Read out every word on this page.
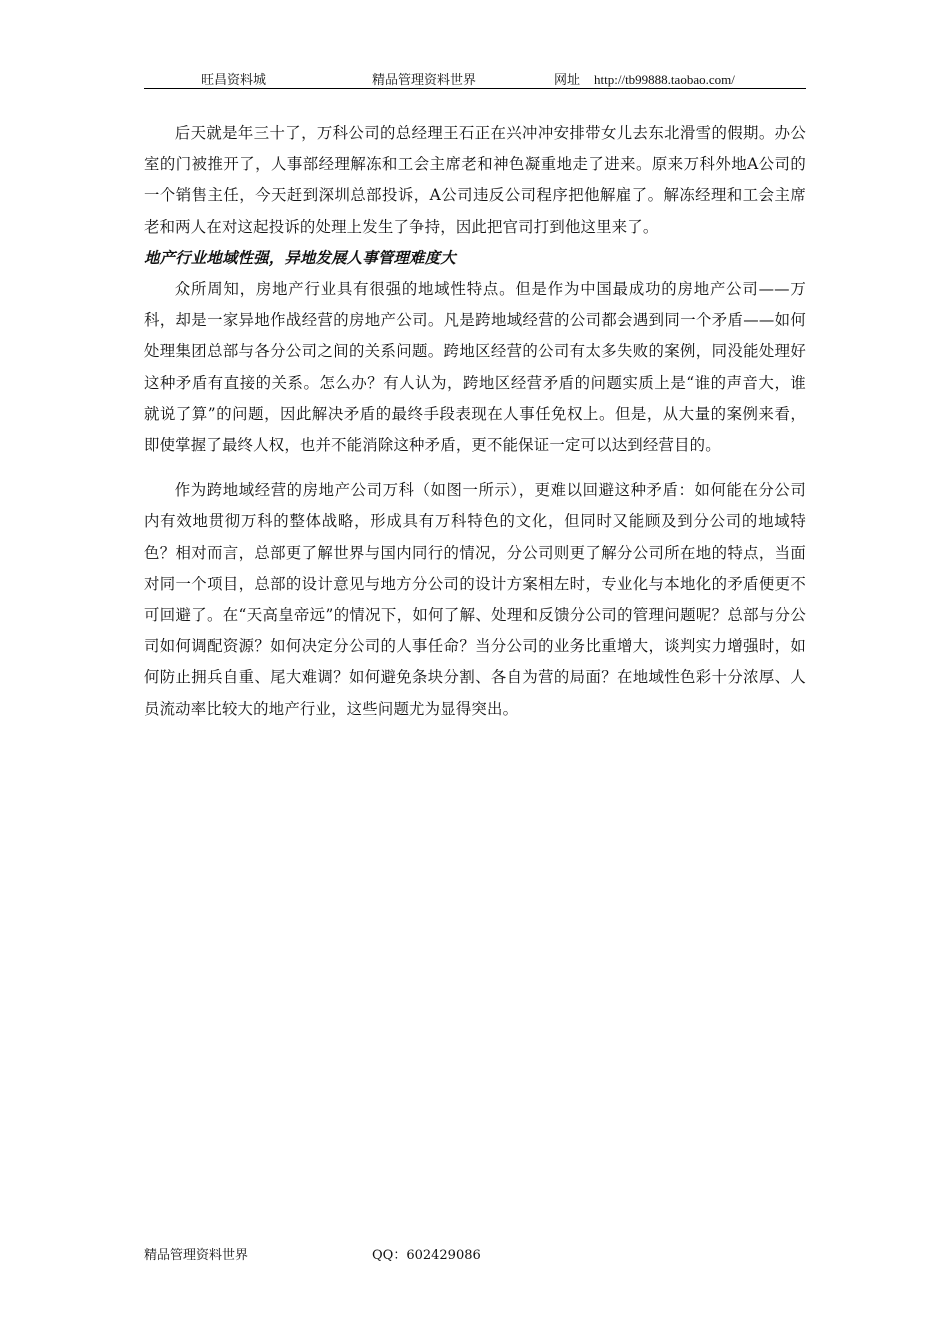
旺昌资料城	精品管理资料世界	网址 http://tb99888.taobao.com/

后天就是年三十了，万科公司的总经理王石正在兴冲冲安排带女儿去东北滑雪的假期。办公室的门被推开了，人事部经理解冻和工会主席老和神色凝重地走了进来。原来万科外地A公司的一个销售主任，今天赶到深圳总部投诉，A公司违反公司程序把他解雇了。解冻经理和工会主席老和两人在对这起投诉的处理上发生了争持，因此把官司打到他这里来了。

地产行业地域性强，异地发展人事管理难度大

众所周知，房地产行业具有很强的地域性特点。但是作为中国最成功的房地产公司——万科，却是一家异地作战经营的房地产公司。凡是跨地域经营的公司都会遇到同一个矛盾——如何处理集团总部与各分公司之间的关系问题。跨地区经营的公司有太多失败的案例，同没能处理好这种矛盾有直接的关系。怎么办？有人认为，跨地区经营矛盾的问题实质上是“谁的声音大，谁就说了算”的问题，因此解决矛盾的最终手段表现在人事任免权上。但是，从大量的案例来看，即使掌握了最终人权，也并不能消除这种矛盾，更不能保证一定可以达到经营目的。

作为跨地域经营的房地产公司万科（如图一所示），更难以回避这种矛盾：如何能在分公司内有效地贯彻万科的整体战略，形成具有万科特色的文化，但同时又能顾及到分公司的地域特色？相对而言，总部更了解世界与国内同行的情况，分公司则更了解分公司所在地的特点，当面对同一个项目，总部的设计意见与地方分公司的设计方案相左时，专业化与本地化的矛盾便更不可回避了。在“天高皇帝远”的情况下，如何了解、处理和反馈分公司的管理问题呢？总部与分公司如何调配资源？如何决定分公司的人事任命？当分公司的业务比重增大，谈判实力增强时，如何防止拥兵自重、尾大难调？如何避免条块分割、各自为营的局面？在地域性色彩十分浓厚、人员流动率比较大的地产行业，这些问题尤为显得突出。

精品管理资料世界	QQ：602429086
